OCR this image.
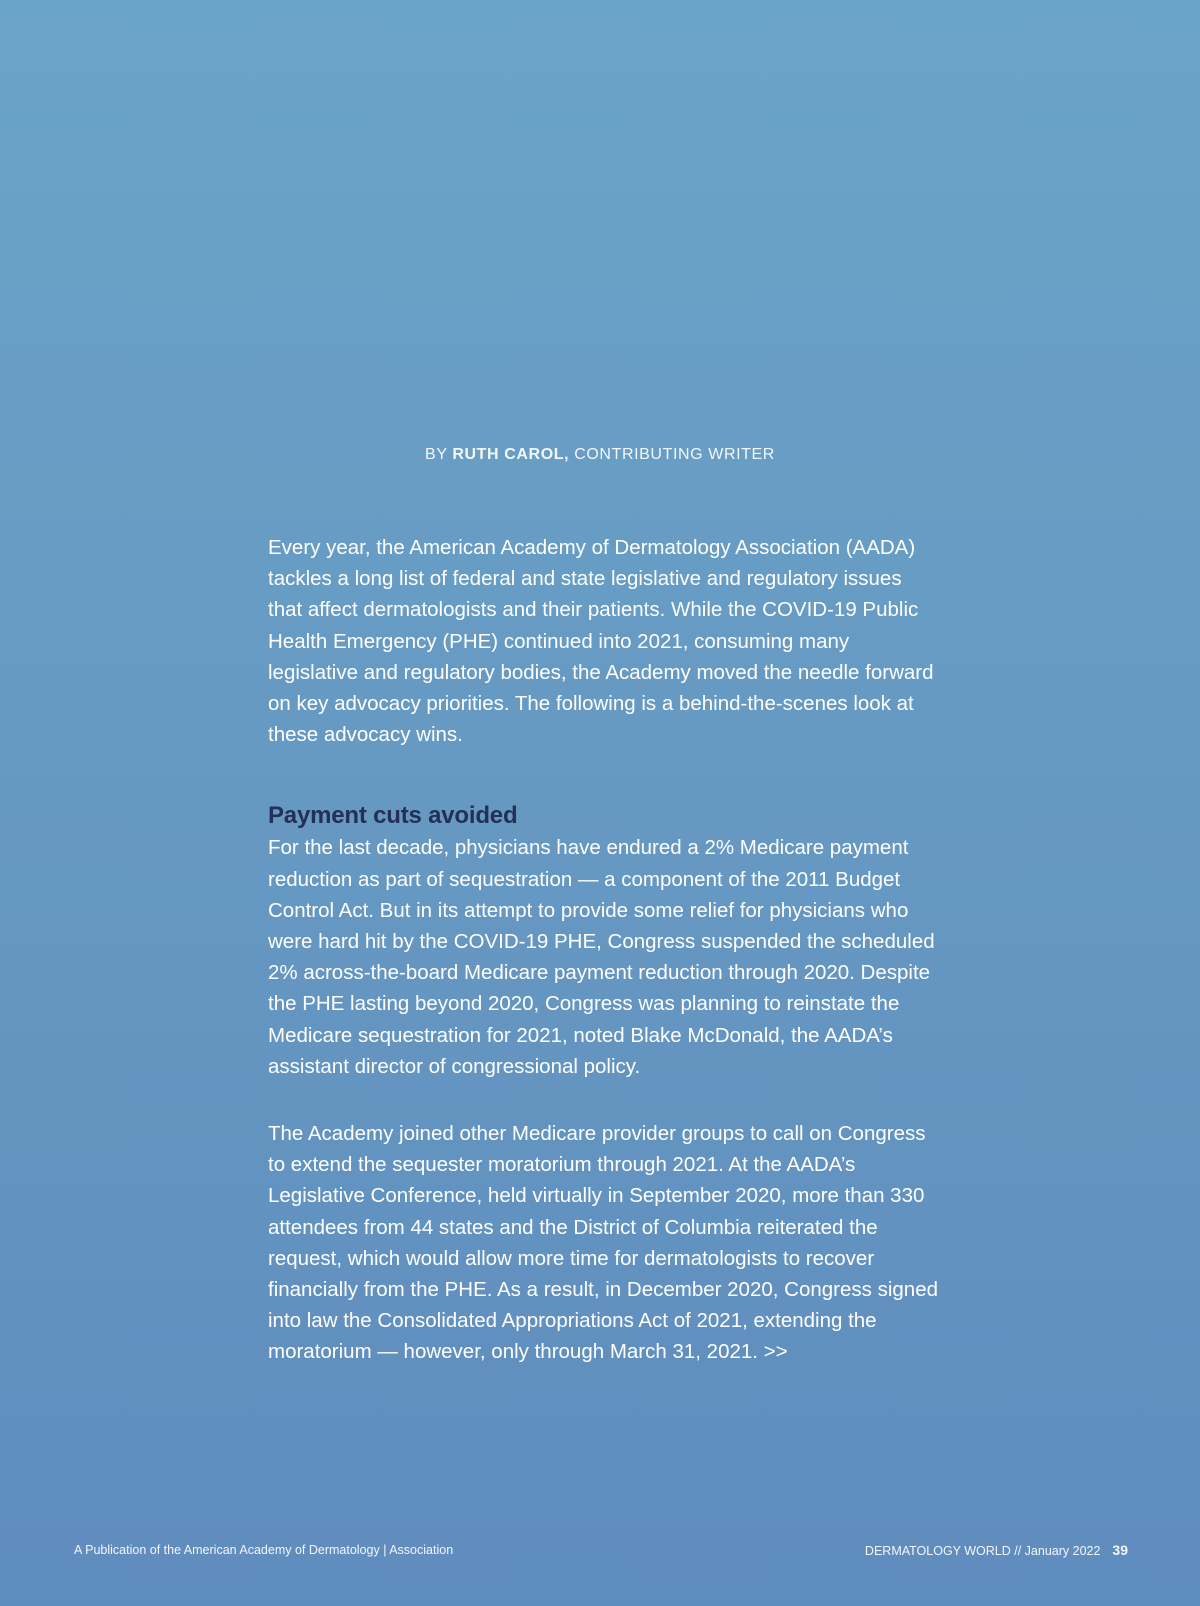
BY RUTH CAROL, CONTRIBUTING WRITER

Every year, the American Academy of Dermatology Association (AADA) tackles a long list of federal and state legislative and regulatory issues that affect dermatologists and their patients. While the COVID-19 Public Health Emergency (PHE) continued into 2021, consuming many legislative and regulatory bodies, the Academy moved the needle forward on key advocacy priorities. The following is a behind-the-scenes look at these advocacy wins.

Payment cuts avoided

For the last decade, physicians have endured a 2% Medicare payment reduction as part of sequestration — a component of the 2011 Budget Control Act. But in its attempt to provide some relief for physicians who were hard hit by the COVID-19 PHE, Congress suspended the scheduled 2% across-the-board Medicare payment reduction through 2020. Despite the PHE lasting beyond 2020, Congress was planning to reinstate the Medicare sequestration for 2021, noted Blake McDonald, the AADA’s assistant director of congressional policy.

The Academy joined other Medicare provider groups to call on Congress to extend the sequester moratorium through 2021. At the AADA’s Legislative Conference, held virtually in September 2020, more than 330 attendees from 44 states and the District of Columbia reiterated the request, which would allow more time for dermatologists to recover financially from the PHE. As a result, in December 2020, Congress signed into law the Consolidated Appropriations Act of 2021, extending the moratorium — however, only through March 31, 2021. >>

A Publication of the American Academy of Dermatology | Association	DERMATOLOGY WORLD // January 2022 39
